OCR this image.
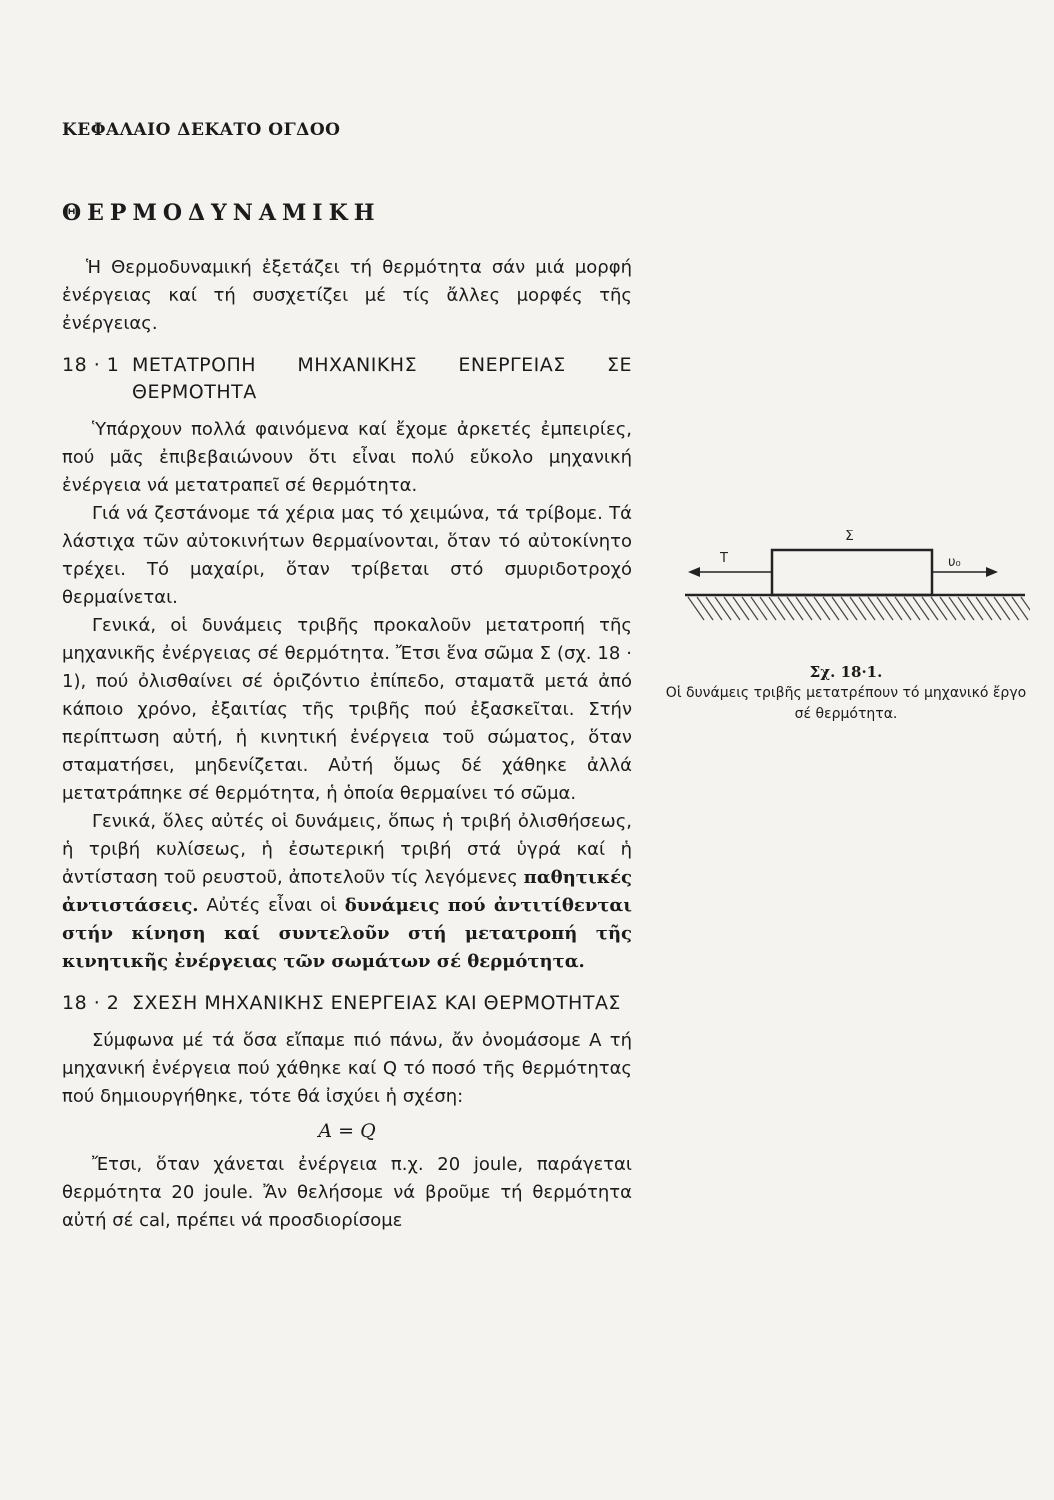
ΚΕΦΑΛΑΙΟ ΔΕΚΑΤΟ ΟΓΔΟΟ
ΘΕΡΜΟΔΥΝΑΜΙΚΗ

Ἡ Θερμοδυναμική ἐξετάζει τή θερμότητα σάν μιά μορφή ἐνέργειας καί τή συσχετίζει μέ τίς ἄλλες μορφές τῆς ἐνέργειας.

18 · 1 ΜΕΤΑΤΡΟΠΗ ΜΗΧΑΝΙΚΗΣ ΕΝΕΡΓΕΙΑΣ ΣΕ ΘΕΡΜΟΤΗΤΑ

Ὑπάρχουν πολλά φαινόμενα καί ἔχομε ἀρκετές ἐμπειρίες, πού μᾶς ἐπιβεβαιώνουν ὅτι εἶναι πολύ εὔκολο μηχανική ἐνέργεια νά μετατραπεῖ σέ θερμότητα.

Γιά νά ζεστάνομε τά χέρια μας τό χειμώνα, τά τρίβομε. Τά λάστιχα τῶν αὐτοκινήτων θερμαίνονται, ὅταν τό αὐτοκίνητο τρέχει. Τό μαχαίρι, ὅταν τρίβεται στό σμυριδοτροχό θερμαίνεται.

Γενικά, οἱ δυνάμεις τριβῆς προκαλοῦν μετατροπή τῆς μηχανικῆς ἐνέργειας σέ θερμότητα. Ἔτσι ἕνα σῶμα Σ (σχ. 18 · 1), πού ὀλισθαίνει σέ ὁριζόντιο ἐπίπεδο, σταματᾶ μετά ἀπό κάποιο χρόνο, ἐξαιτίας τῆς τριβῆς πού ἐξασκεῖται. Στήν περίπτωση αὐτή, ἡ κινητική ἐνέργεια τοῦ σώματος, ὅταν σταματήσει, μηδενίζεται. Αὐτή ὅμως δέ χάθηκε ἀλλά μετατράπηκε σέ θερμότητα, ἡ ὁποία θερμαίνει τό σῶμα.

Γενικά, ὅλες αὐτές οἱ δυνάμεις, ὅπως ἡ τριβή ὀλισθήσεως, ἡ τριβή κυλίσεως, ἡ ἐσωτερική τριβή στά ὑγρά καί ἡ ἀντίσταση τοῦ ρευστοῦ, ἀποτελοῦν τίς λεγόμενες παθητικές ἀντιστάσεις. Αὐτές εἶναι οἱ δυνάμεις πού ἀντιτίθενται στήν κίνηση καί συντελοῦν στή μετατροπή τῆς κινητικῆς ἐνέργειας τῶν σωμάτων σέ θερμότητα.

18 · 2 ΣΧΕΣΗ ΜΗΧΑΝΙΚΗΣ ΕΝΕΡΓΕΙΑΣ ΚΑΙ ΘΕΡΜΟΤΗΤΑΣ

Σύμφωνα μέ τά ὅσα εἴπαμε πιό πάνω, ἄν ὀνομάσομε Α τή μηχανική ἐνέργεια πού χάθηκε καί Q τό ποσό τῆς θερμότητας πού δημιουργήθηκε, τότε θά ἰσχύει ἡ σχέση:

A = Q

Ἔτσι, ὅταν χάνεται ἐνέργεια π.χ. 20 joule, παράγεται θερμότητα 20 joule. Ἄν θελήσομε νά βροῦμε τή θερμότητα αὐτή σέ cal, πρέπει νά προσδιορίσομε

Σ
T	υ₀
Σχ. 18·1.
Οἱ δυνάμεις τριβῆς μετατρέπουν τό μηχανικό ἔργο σέ θερμότητα.
